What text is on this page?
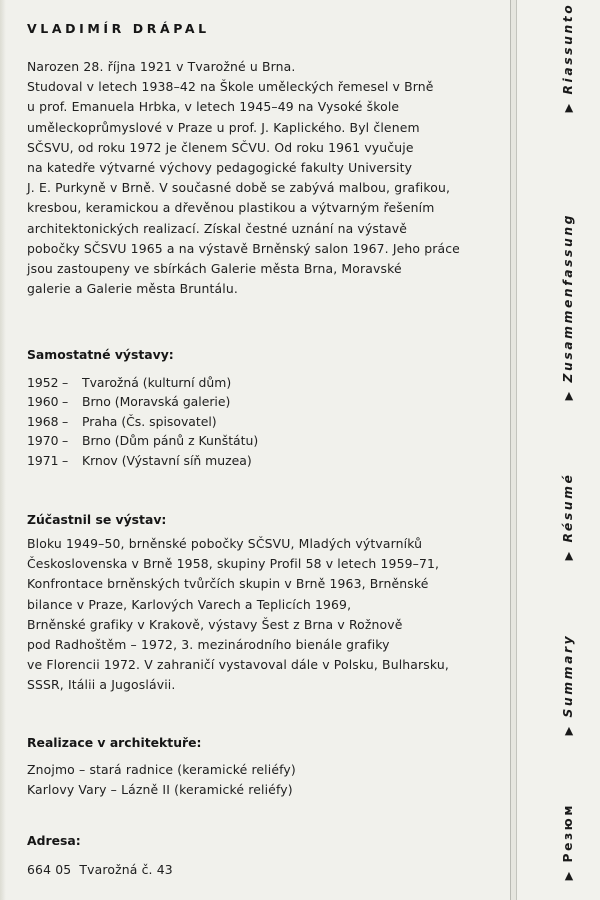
VLADIMÍR DRÁPAL
Narozen 28. října 1921 v Tvarožné u Brna.
Studoval v letech 1938–42 na Škole uměleckých řemesel v Brně
u prof. Emanuela Hrbka, v letech 1945–49 na Vysoké škole
uměleckoprůmyslové v Praze u prof. J. Kaplického. Byl členem
SČSVU, od roku 1972 je členem SČVU. Od roku 1961 vyučuje
na katedře výtvarné výchovy pedagogické fakulty University
J. E. Purkyně v Brně. V současné době se zabývá malbou, grafikou,
kresbou, keramickou a dřevěnou plastikou a výtvarným řešením
architektonických realizací. Získal čestné uznání na výstavě
pobočky SČSVU 1965 a na výstavě Brněnský salon 1967. Jeho práce
jsou zastoupeny ve sbírkách Galerie města Brna, Moravské
galerie a Galerie města Bruntálu.
Samostatné výstavy:
1952 – Tvarožná (kulturní dům)
1960 – Brno (Moravská galerie)
1968 – Praha (Čs. spisovatel)
1970 – Brno (Dům pánů z Kunštátu)
1971 – Krnov (Výstavní síň muzea)
Zúčastnil se výstav:
Bloku 1949–50, brněnské pobočky SČSVU, Mladých výtvarníků
Československa v Brně 1958, skupiny Profil 58 v letech 1959–71,
Konfrontace brněnských tvůrčích skupin v Brně 1963, Brněnské
bilance v Praze, Karlových Varech a Teplicích 1969,
Brněnské grafiky v Krakově, výstavy Šest z Brna v Rožnově
pod Radhoštěm – 1972, 3. mezinárodního bienále grafiky
ve Florencii 1972. V zahraničí vystavoval dále v Polsku, Bulharsku,
SSSR, Itálii a Jugoslávii.
Realizace v architektuře:
Znojmo – stará radnice (keramické reliéfy)
Karlovy Vary – Lázně II (keramické reliéfy)
Adresa:
664 05  Tvarožná č. 43
▲Riassunto
▲Zusammenfassung
▲Résumé
▲Summary
▲Резюм
